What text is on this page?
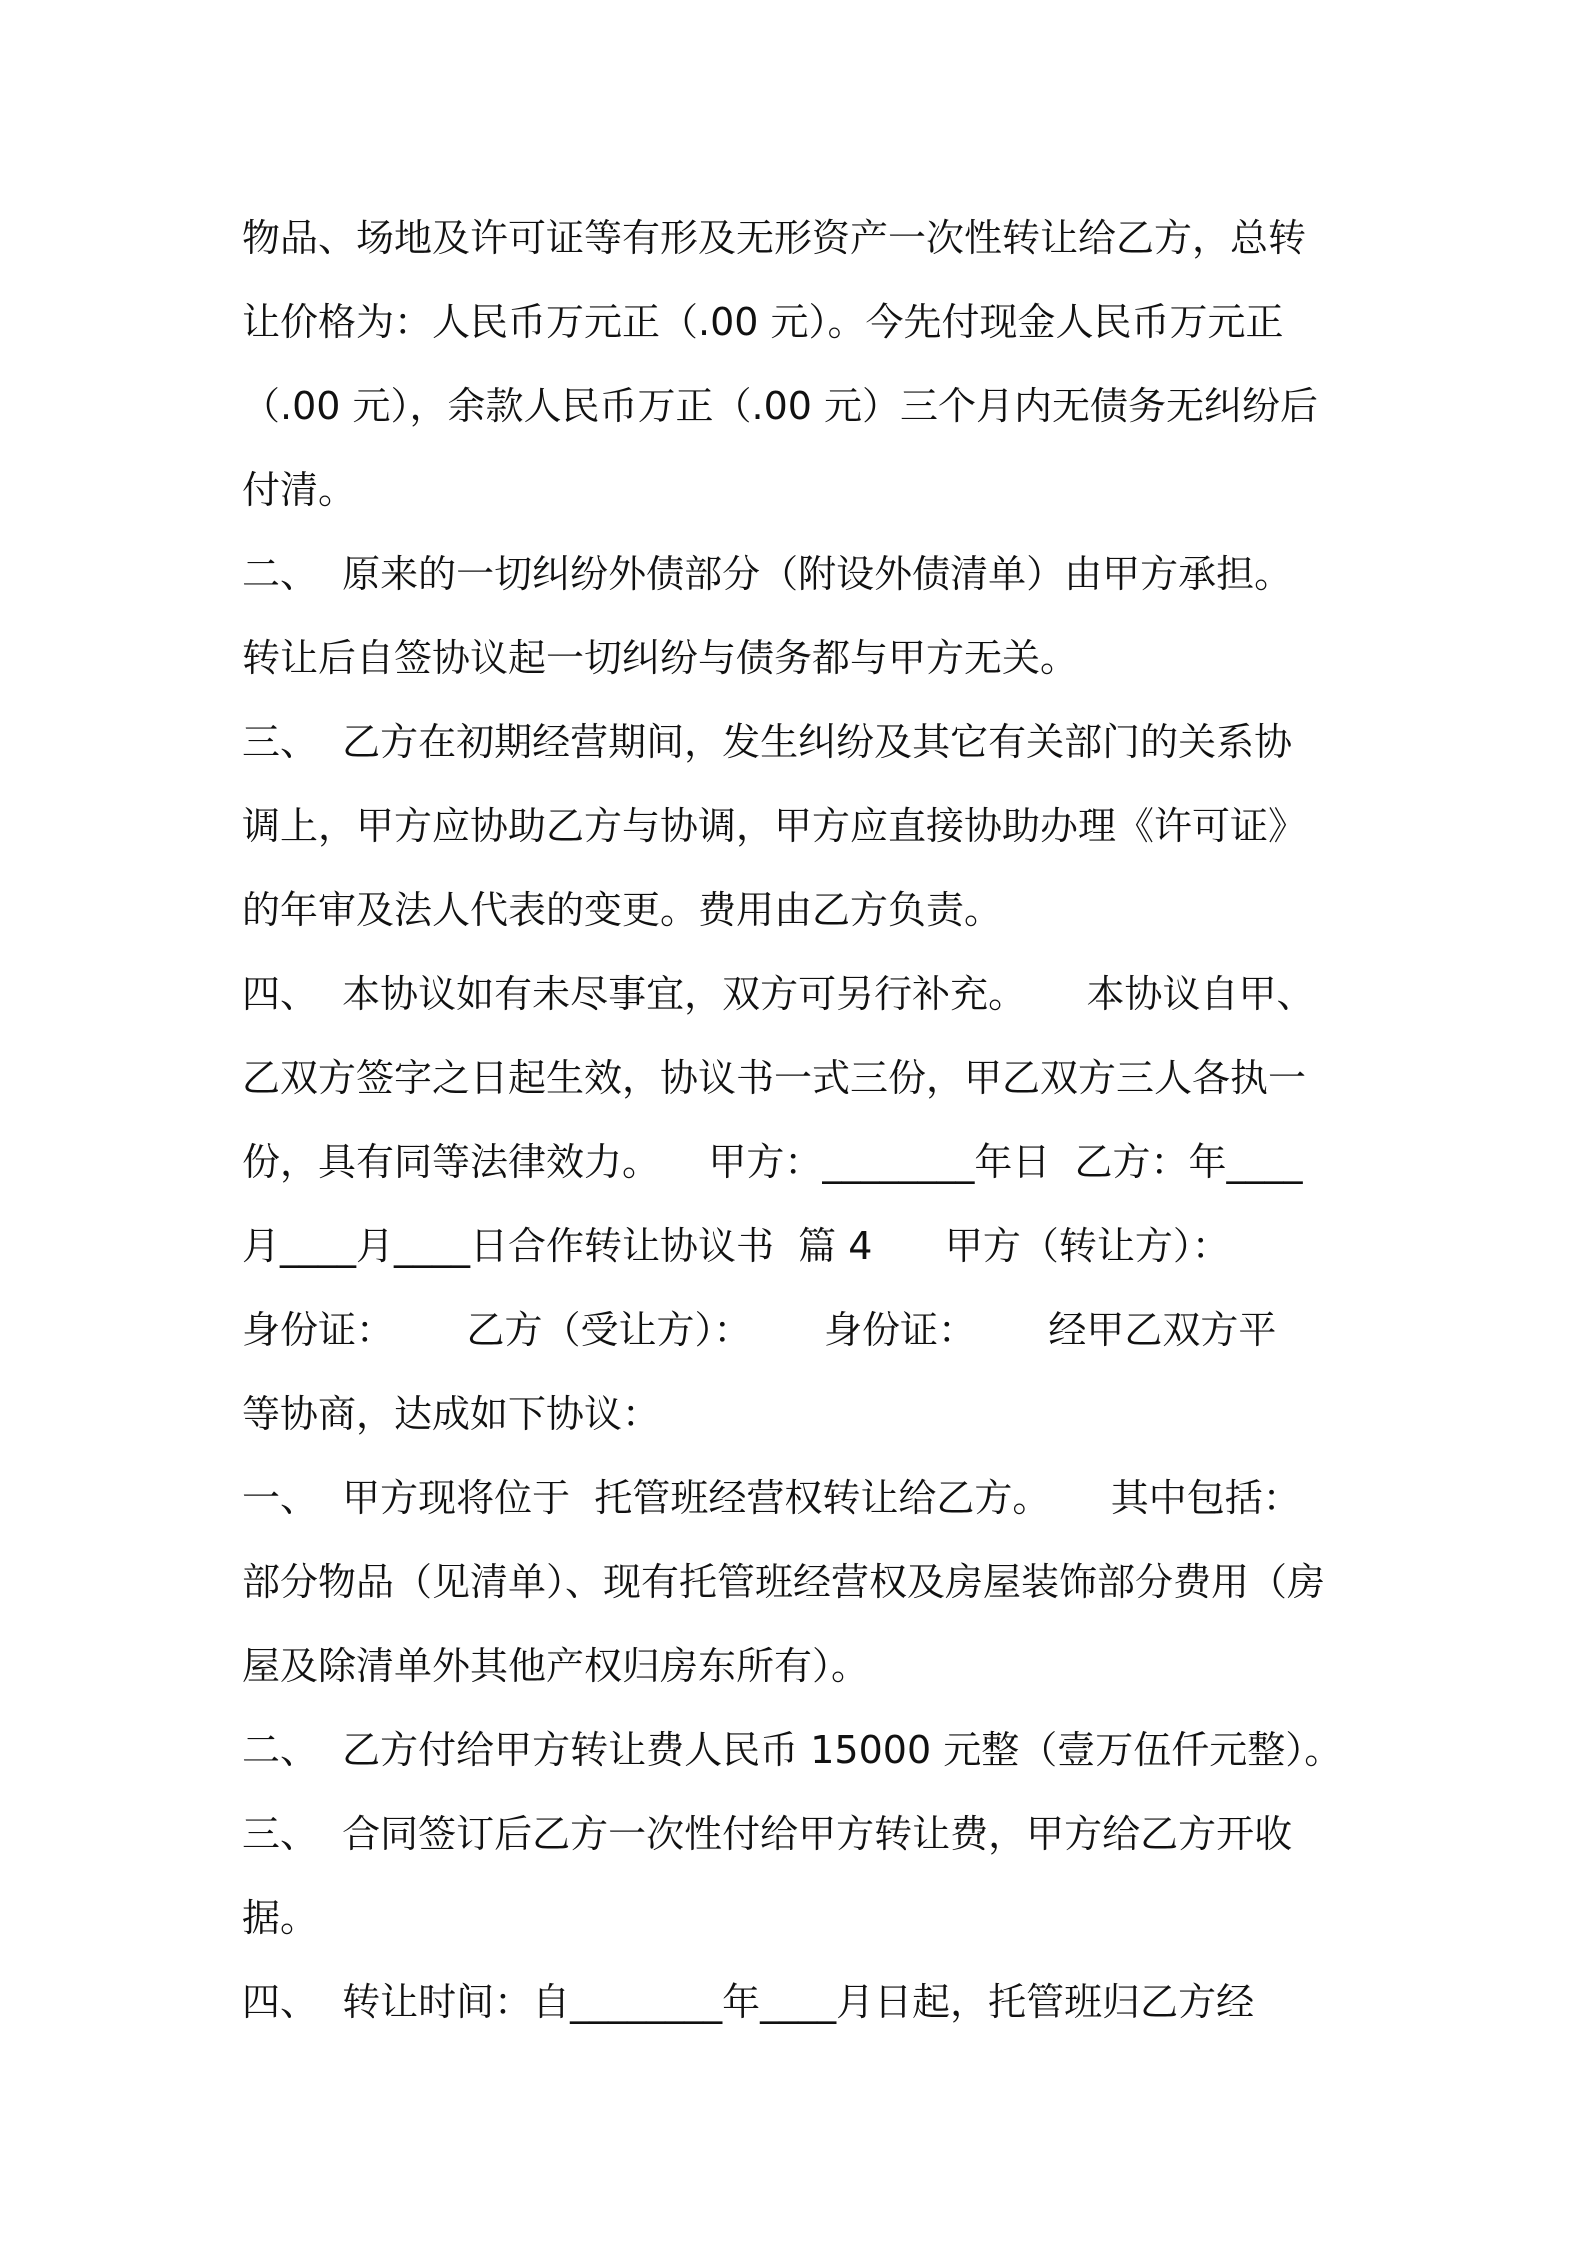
物品、场地及许可证等有形及无形资产一次性转让给乙方，总转
让价格为：人民币万元正（.00 元）。今先付现金人民币万元正
（.00 元），余款人民币万正（.00 元）三个月内无债务无纠纷后
付清。
二、  原来的一切纠纷外债部分（附设外债清单）由甲方承担。
转让后自签协议起一切纠纷与债务都与甲方无关。
三、  乙方在初期经营期间，发生纠纷及其它有关部门的关系协
调上，甲方应协助乙方与协调，甲方应直接协助办理《许可证》
的年审及法人代表的变更。费用由乙方负责。
四、  本协议如有未尽事宜，双方可另行补充。     本协议自甲、
乙双方签字之日起生效，协议书一式三份，甲乙双方三人各执一
份，具有同等法律效力。    甲方：________年日  乙方：年____
月____月____日合作转让协议书  篇 4      甲方（转让方）：
身份证：      乙方（受让方）：      身份证：      经甲乙双方平
等协商，达成如下协议：
一、  甲方现将位于  托管班经营权转让给乙方。     其中包括：
部分物品（见清单）、现有托管班经营权及房屋装饰部分费用（房
屋及除清单外其他产权归房东所有）。
二、  乙方付给甲方转让费人民币 15000 元整（壹万伍仟元整）。
三、  合同签订后乙方一次性付给甲方转让费，甲方给乙方开收
据。
四、  转让时间：自________年____月日起，托管班归乙方经
